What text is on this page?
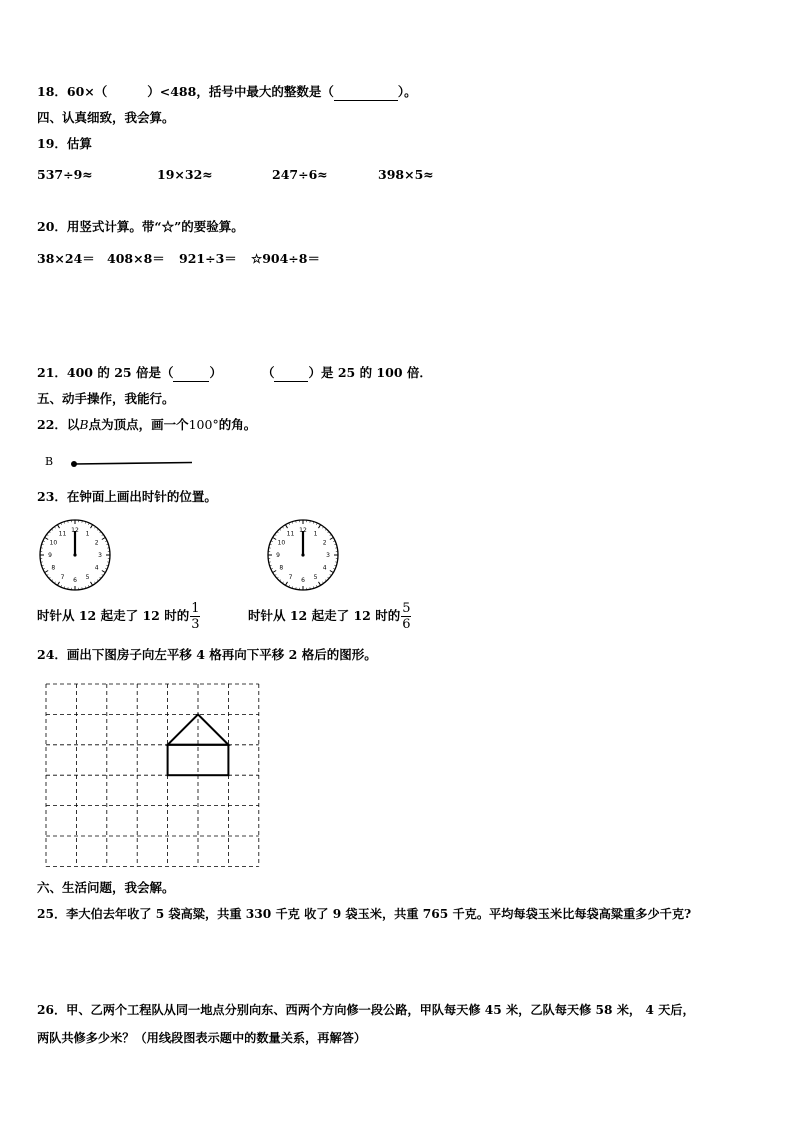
18．60×（	）<488，括号中最大的整数是（	）。
四、认真细致，我会算。
19．估算
537÷9≈	19×32≈	247÷6≈	398×5≈
20．用竖式计算。带“☆”的要验算。
38×24＝ 408×8＝ 921÷3＝ ☆904÷8＝
21．400 的 25 倍是（	）	（	）是 25 的 100 倍．
五、动手操作，我能行。
22．以B点为顶点，画一个100°的角。
B
23．在钟面上画出时针的位置。
12 1
2
3
4
5
6
7
8
9
10
11	12 1
2
3
4
5
6
7
8
9
10
11
时针从 12 起走了 12 时的 $\frac{1}{3}$	时针从 12 起走了 12 时的 $\frac{5}{6}$
24．画出下图房子向左平移 4 格再向下平移 2 格后的图形。
六、生活问题，我会解。
25．李大伯去年收了 5 袋高粱，共重 330 千克 收了 9 袋玉米，共重 765 千克。平均每袋玉米比每袋高粱重多少千克?
26．甲、乙两个工程队从同一地点分别向东、西两个方向修一段公路，甲队每天修 45 米，乙队每天修 58 米， 4 天后，
两队共修多少米？（用线段图表示题中的数量关系，再解答）
